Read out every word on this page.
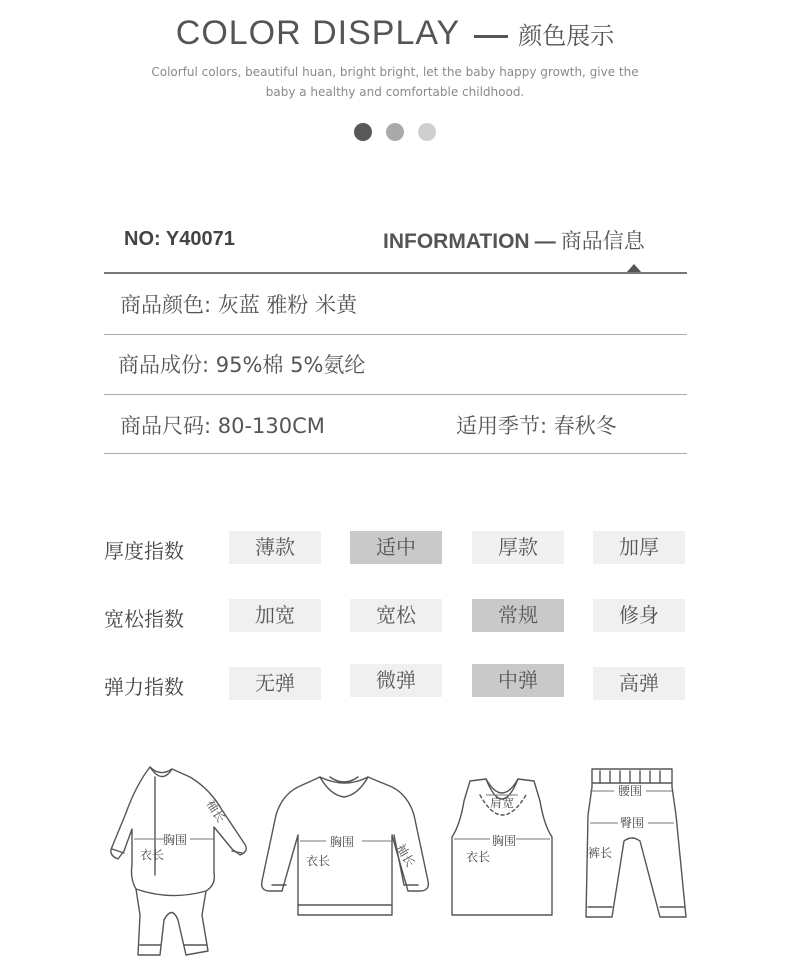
COLOR DISPLAY 颜色展示
Colorful colors, beautiful huan, bright bright, let the baby happy growth, give the
baby a healthy and comfortable childhood.
NO: Y40071	INFORMATION — 商品信息
商品颜色: 灰蓝 雅粉 米黄
商品成份: 95%棉 5%氨纶
商品尺码: 80-130CM	适用季节: 春秋冬
厚度指数	薄款	适中	厚款	加厚
宽松指数	加宽	宽松	常规	修身
弹力指数	无弹	微弹	中弹	高弹
胸围
衣长
袖长
胸围
衣长	袖长
肩宽
胸围
衣长
腰围
臀围
裤长
